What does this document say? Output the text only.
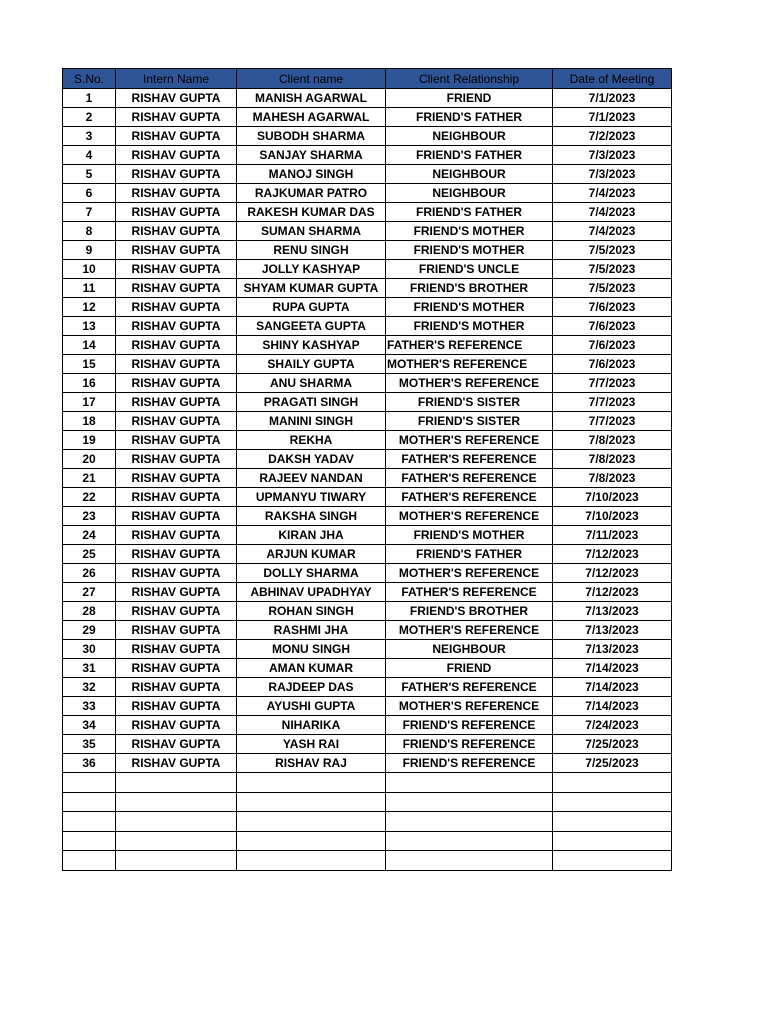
S.No.	Intern Name	Client name	Client Relationship	Date of Meeting
1	RISHAV GUPTA	MANISH AGARWAL	FRIEND	7/1/2023
2	RISHAV GUPTA	MAHESH AGARWAL	FRIEND'S FATHER	7/1/2023
3	RISHAV GUPTA	SUBODH SHARMA	NEIGHBOUR	7/2/2023
4	RISHAV GUPTA	SANJAY SHARMA	FRIEND'S FATHER	7/3/2023
5	RISHAV GUPTA	MANOJ SINGH	NEIGHBOUR	7/3/2023
6	RISHAV GUPTA	RAJKUMAR PATRO	NEIGHBOUR	7/4/2023
7	RISHAV GUPTA	RAKESH KUMAR DAS	FRIEND'S FATHER	7/4/2023
8	RISHAV GUPTA	SUMAN SHARMA	FRIEND'S MOTHER	7/4/2023
9	RISHAV GUPTA	RENU SINGH	FRIEND'S MOTHER	7/5/2023
10	RISHAV GUPTA	JOLLY KASHYAP	FRIEND'S UNCLE	7/5/2023
11	RISHAV GUPTA	SHYAM KUMAR GUPTA	FRIEND'S BROTHER	7/5/2023
12	RISHAV GUPTA	RUPA GUPTA	FRIEND'S MOTHER	7/6/2023
13	RISHAV GUPTA	SANGEETA GUPTA	FRIEND'S MOTHER	7/6/2023
14	RISHAV GUPTA	SHINY KASHYAP	FATHER'S REFERENCE	7/6/2023
15	RISHAV GUPTA	SHAILY GUPTA	MOTHER'S REFERENCE	7/6/2023
16	RISHAV GUPTA	ANU SHARMA	MOTHER'S REFERENCE	7/7/2023
17	RISHAV GUPTA	PRAGATI SINGH	FRIEND'S SISTER	7/7/2023
18	RISHAV GUPTA	MANINI SINGH	FRIEND'S SISTER	7/7/2023
19	RISHAV GUPTA	REKHA	MOTHER'S REFERENCE	7/8/2023
20	RISHAV GUPTA	DAKSH YADAV	FATHER'S REFERENCE	7/8/2023
21	RISHAV GUPTA	RAJEEV NANDAN	FATHER'S REFERENCE	7/8/2023
22	RISHAV GUPTA	UPMANYU TIWARY	FATHER'S REFERENCE	7/10/2023
23	RISHAV GUPTA	RAKSHA SINGH	MOTHER'S REFERENCE	7/10/2023
24	RISHAV GUPTA	KIRAN JHA	FRIEND'S MOTHER	7/11/2023
25	RISHAV GUPTA	ARJUN KUMAR	FRIEND'S FATHER	7/12/2023
26	RISHAV GUPTA	DOLLY SHARMA	MOTHER'S REFERENCE	7/12/2023
27	RISHAV GUPTA	ABHINAV UPADHYAY	FATHER'S REFERENCE	7/12/2023
28	RISHAV GUPTA	ROHAN SINGH	FRIEND'S BROTHER	7/13/2023
29	RISHAV GUPTA	RASHMI JHA	MOTHER'S REFERENCE	7/13/2023
30	RISHAV GUPTA	MONU SINGH	NEIGHBOUR	7/13/2023
31	RISHAV GUPTA	AMAN KUMAR	FRIEND	7/14/2023
32	RISHAV GUPTA	RAJDEEP DAS	FATHER'S REFERENCE	7/14/2023
33	RISHAV GUPTA	AYUSHI GUPTA	MOTHER'S REFERENCE	7/14/2023
34	RISHAV GUPTA	NIHARIKA	FRIEND'S REFERENCE	7/24/2023
35	RISHAV GUPTA	YASH RAI	FRIEND'S REFERENCE	7/25/2023
36	RISHAV GUPTA	RISHAV RAJ	FRIEND'S REFERENCE	7/25/2023
